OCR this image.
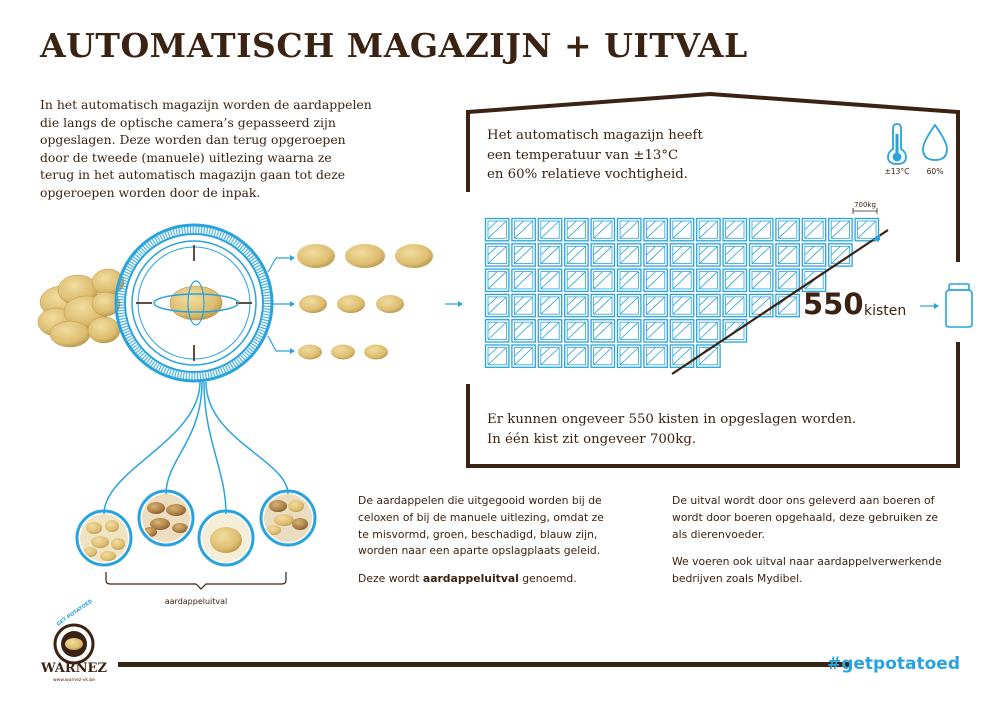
AUTOMATISCH MAGAZIJN + UITVAL
In het automatisch magazijn worden de aardappelen
die langs de optische camera’s gepasseerd zijn
opgeslagen. Deze worden dan terug opgeroepen
door de tweede (manuele) uitlezing waarna ze
terug in het automatisch magazijn gaan tot deze
opgeroepen worden door de inpak.
700kg
±13°C 60%
550 kisten
aardappeluitval
GET POTATOED
WARNEZ
www.warnez-vk.be
Het automatisch magazijn heeft
een temperatuur van ±13°C
en 60% relatieve vochtigheid.
Er kunnen ongeveer 550 kisten in opgeslagen worden.
In één kist zit ongeveer 700kg.
De aardappelen die uitgegooid worden bij de
celoxen of bij de manuele uitlezing, omdat ze
te misvormd, groen, beschadigd, blauw zijn,
worden naar een aparte opslagplaats geleid.
Deze wordt aardappeluitval genoemd.
De uitval wordt door ons geleverd aan boeren of
wordt door boeren opgehaald, deze gebruiken ze
als dierenvoeder.
We voeren ook uitval naar aardappelverwerkende
bedrijven zoals Mydibel.
#getpotatoed
